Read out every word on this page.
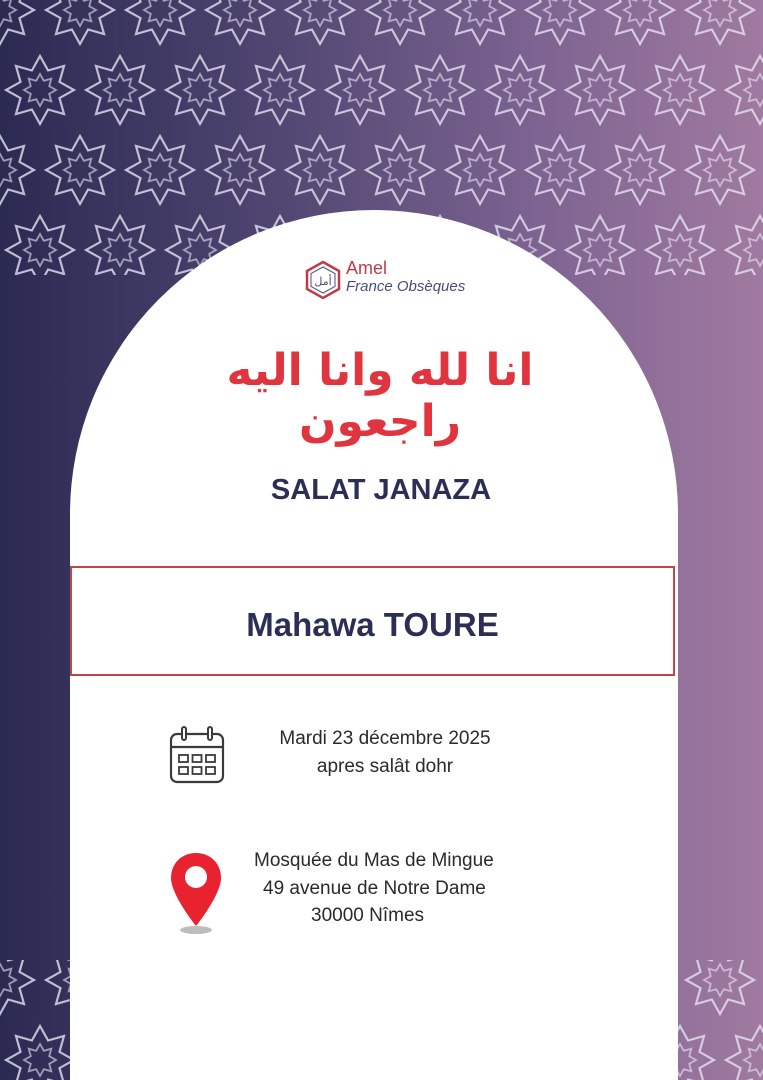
أمل
Amel
France Obsèques
انا لله وانا اليه راجعون
SALAT JANAZA
Mahawa TOURE
Mardi 23 décembre 2025
apres salât dohr
Mosquée du Mas de Mingue
49 avenue de Notre Dame
30000 Nîmes
